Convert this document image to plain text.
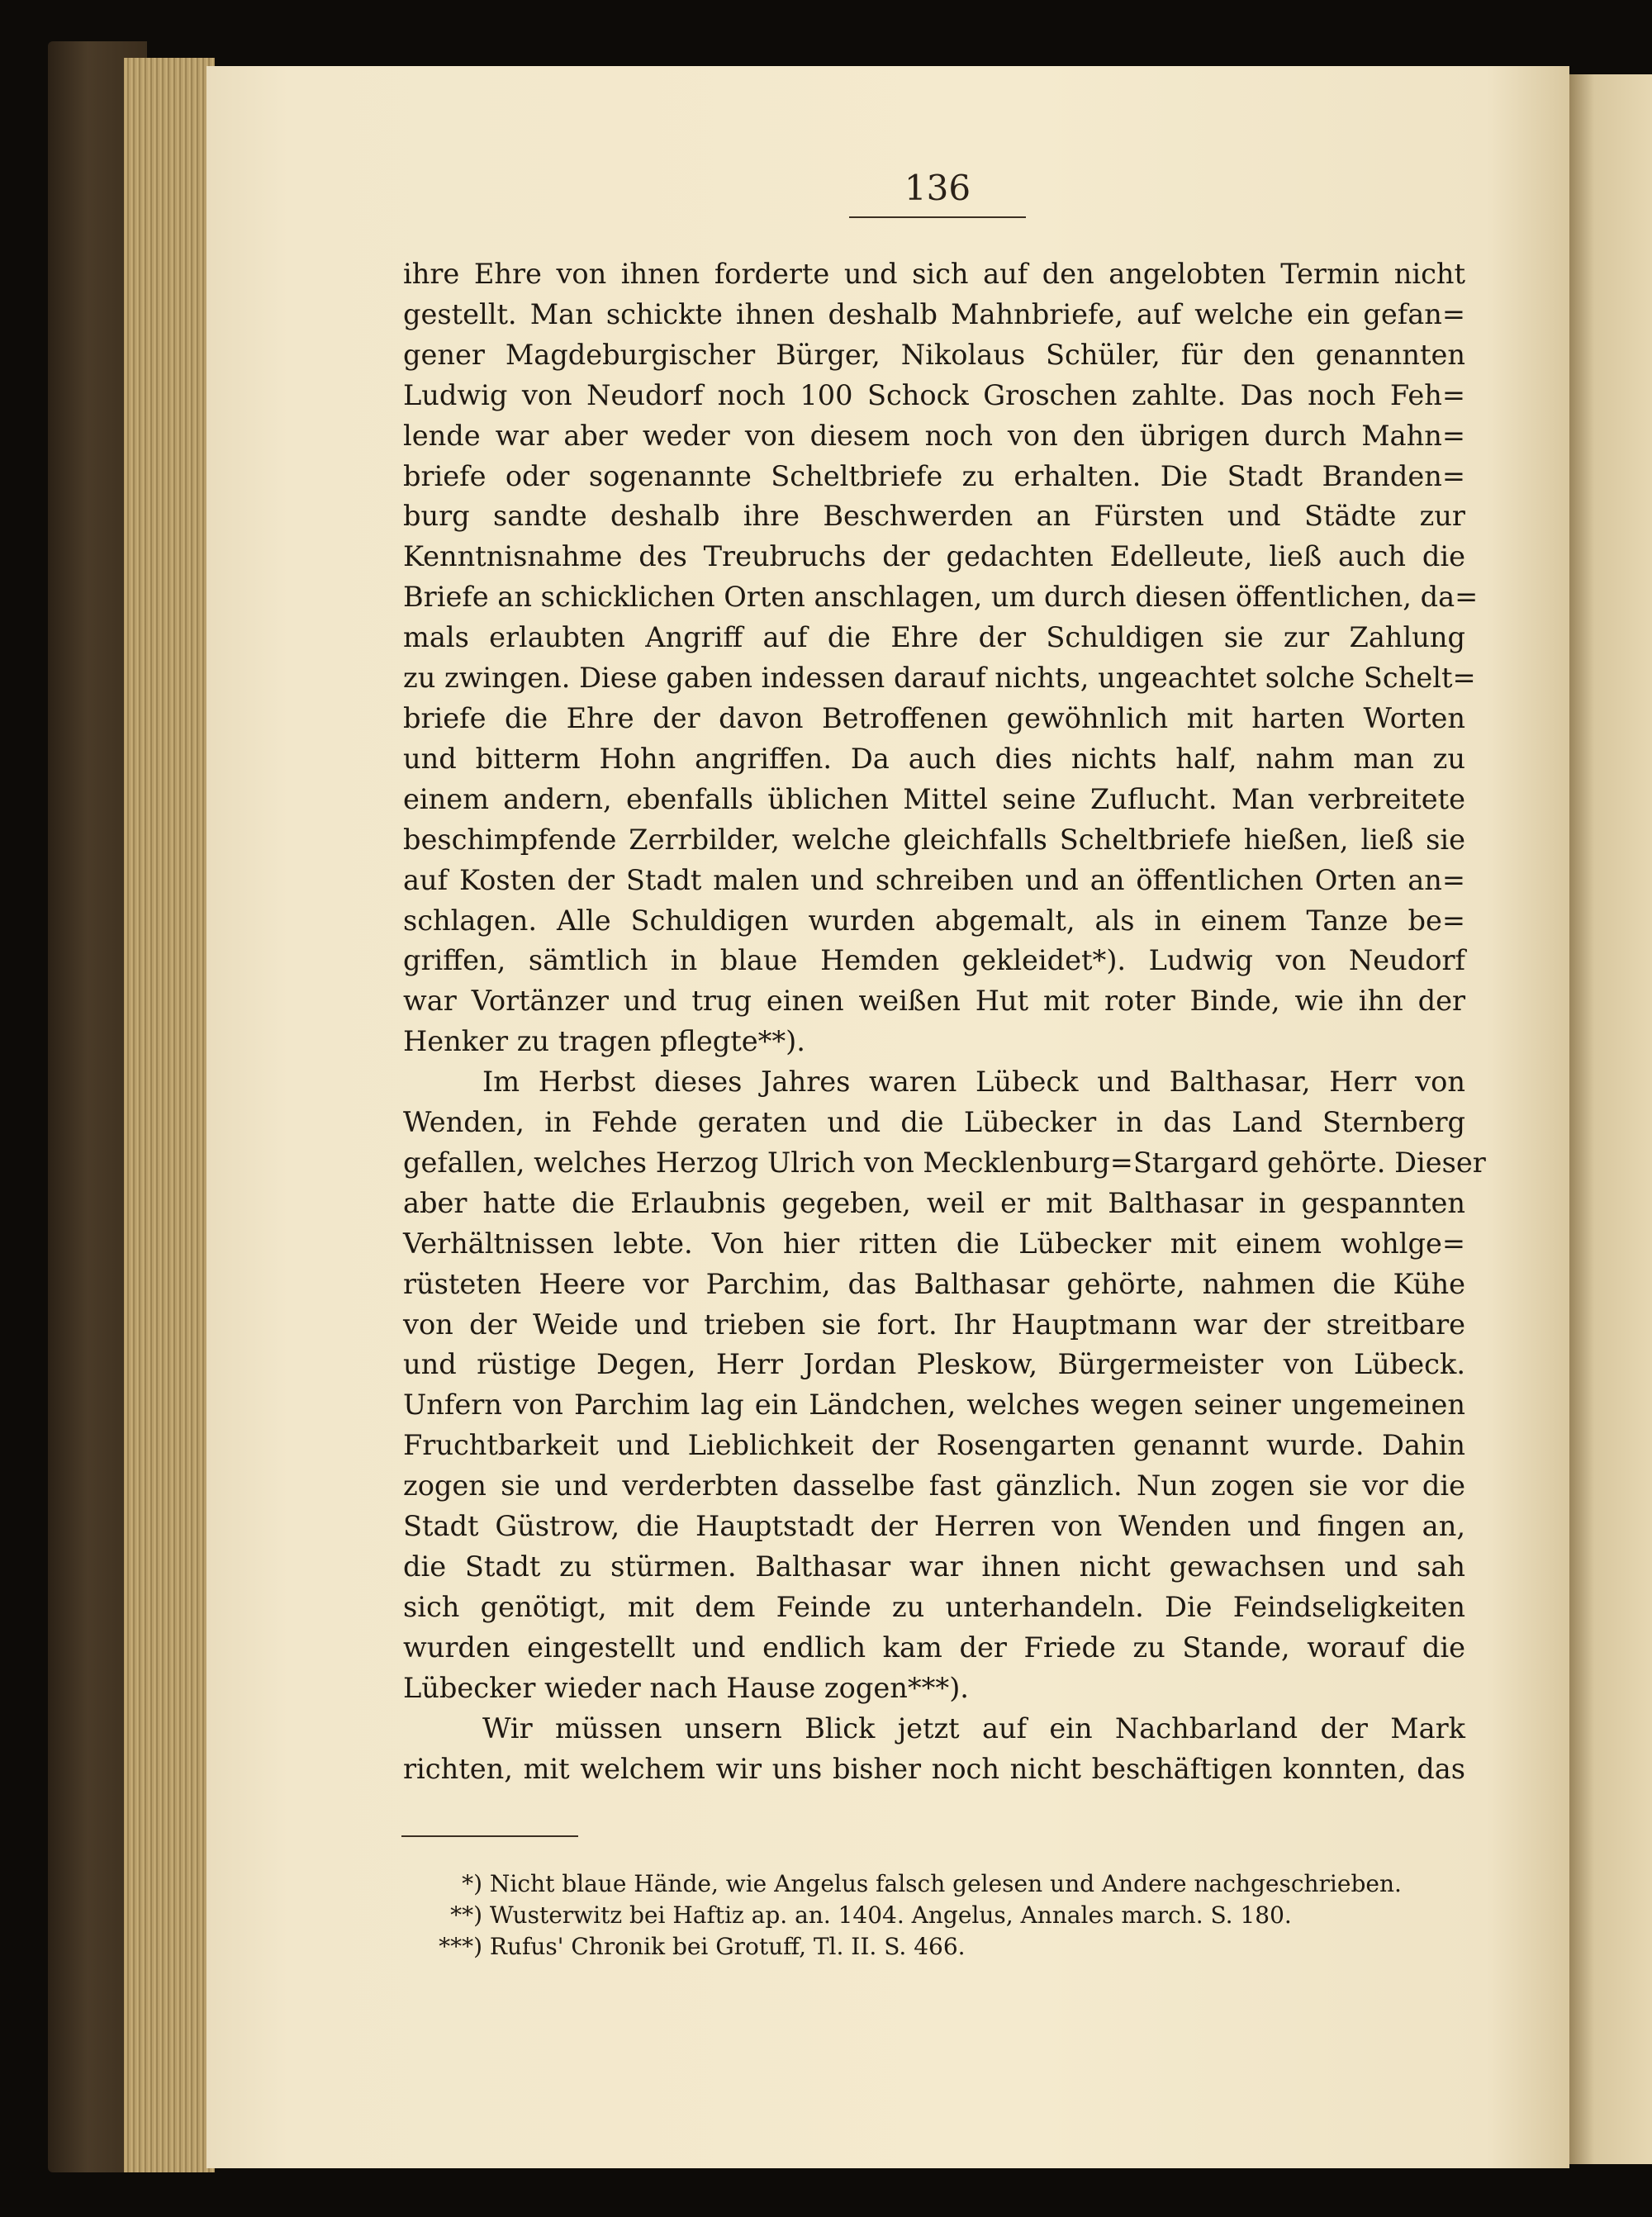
136
ihre Ehre von ihnen forderte und sich auf den angelobten Termin nicht
gestellt. Man schickte ihnen deshalb Mahnbriefe, auf welche ein gefan=
gener Magdeburgischer Bürger, Nikolaus Schüler, für den genannten
Ludwig von Neudorf noch 100 Schock Groschen zahlte. Das noch Feh=
lende war aber weder von diesem noch von den übrigen durch Mahn=
briefe oder sogenannte Scheltbriefe zu erhalten. Die Stadt Branden=
burg sandte deshalb ihre Beschwerden an Fürsten und Städte zur
Kenntnisnahme des Treubruchs der gedachten Edelleute, ließ auch die
Briefe an schicklichen Orten anschlagen, um durch diesen öffentlichen, da=
mals erlaubten Angriff auf die Ehre der Schuldigen sie zur Zahlung
zu zwingen. Diese gaben indessen darauf nichts, ungeachtet solche Schelt=
briefe die Ehre der davon Betroffenen gewöhnlich mit harten Worten
und bitterm Hohn angriffen. Da auch dies nichts half, nahm man zu
einem andern, ebenfalls üblichen Mittel seine Zuflucht. Man verbreitete
beschimpfende Zerrbilder, welche gleichfalls Scheltbriefe hießen, ließ sie
auf Kosten der Stadt malen und schreiben und an öffentlichen Orten an=
schlagen. Alle Schuldigen wurden abgemalt, als in einem Tanze be=
griffen, sämtlich in blaue Hemden gekleidet*). Ludwig von Neudorf
war Vortänzer und trug einen weißen Hut mit roter Binde, wie ihn der
Henker zu tragen pflegte**).
Im Herbst dieses Jahres waren Lübeck und Balthasar, Herr von
Wenden, in Fehde geraten und die Lübecker in das Land Sternberg
gefallen, welches Herzog Ulrich von Mecklenburg=Stargard gehörte. Dieser
aber hatte die Erlaubnis gegeben, weil er mit Balthasar in gespannten
Verhältnissen lebte. Von hier ritten die Lübecker mit einem wohlge=
rüsteten Heere vor Parchim, das Balthasar gehörte, nahmen die Kühe
von der Weide und trieben sie fort. Ihr Hauptmann war der streitbare
und rüstige Degen, Herr Jordan Pleskow, Bürgermeister von Lübeck.
Unfern von Parchim lag ein Ländchen, welches wegen seiner ungemeinen
Fruchtbarkeit und Lieblichkeit der Rosengarten genannt wurde. Dahin
zogen sie und verderbten dasselbe fast gänzlich. Nun zogen sie vor die
Stadt Güstrow, die Hauptstadt der Herren von Wenden und fingen an,
die Stadt zu stürmen. Balthasar war ihnen nicht gewachsen und sah
sich genötigt, mit dem Feinde zu unterhandeln. Die Feindseligkeiten
wurden eingestellt und endlich kam der Friede zu Stande, worauf die
Lübecker wieder nach Hause zogen***).
Wir müssen unsern Blick jetzt auf ein Nachbarland der Mark
richten, mit welchem wir uns bisher noch nicht beschäftigen konnten, das
*) Nicht blaue Hände, wie Angelus falsch gelesen und Andere nachgeschrieben.
**) Wusterwitz bei Haftiz ap. an. 1404. Angelus, Annales march. S. 180.
***) Rufus' Chronik bei Grotuff, Tl. II. S. 466.
